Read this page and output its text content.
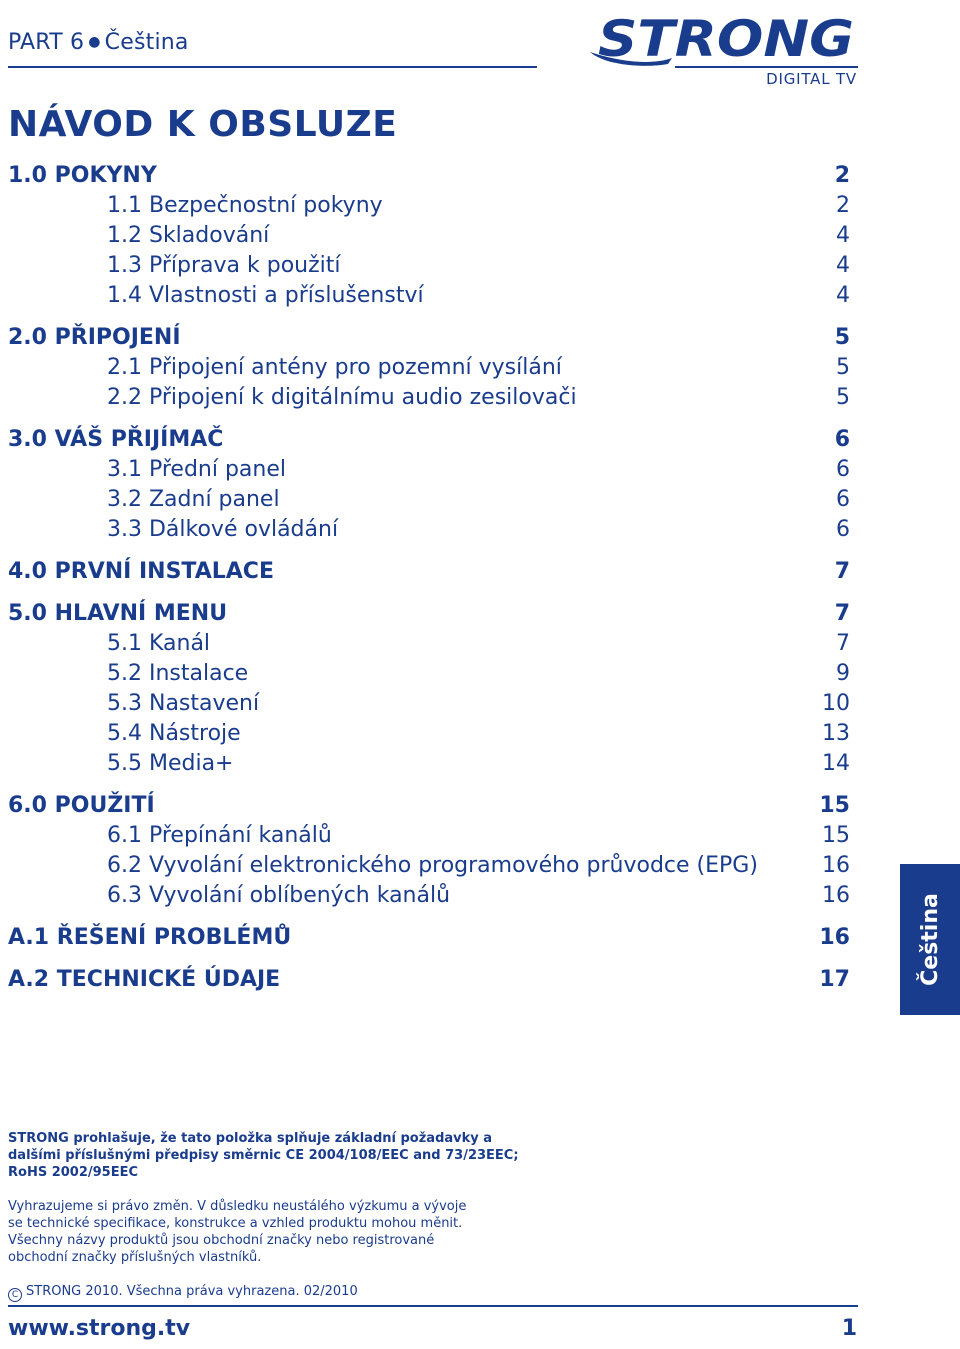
PART 6 ● Čeština	STRONG
DIGITAL TV
NÁVOD K OBSLUZE
1.0 POKYNY	2
1.1 Bezpečnostní pokyny	2
1.2 Skladování	4
1.3 Příprava k použití	4
1.4 Vlastnosti a příslušenství	4
2.0 PŘIPOJENÍ	5
2.1 Připojení antény pro pozemní vysílání	5
2.2 Připojení k digitálnímu audio zesilovači	5
3.0 VÁŠ PŘIJÍMAČ	6
3.1 Přední panel	6
3.2 Zadní panel	6
3.3 Dálkové ovládání	6
4.0 PRVNÍ INSTALACE	7
5.0 HLAVNÍ MENU	7
5.1 Kanál	7
5.2 Instalace	9
5.3 Nastavení	10
5.4 Nástroje	13
5.5 Media+	14
6.0 POUŽITÍ	15
6.1 Přepínání kanálů	15
6.2 Vyvolání elektronického programového průvodce (EPG)	16
6.3 Vyvolání oblíbených kanálů	16
A.1 ŘEŠENÍ PROBLÉMŮ	16
A.2 TECHNICKÉ ÚDAJE	17	Čeština
STRONG prohlašuje, že tato položka splňuje základní požadavky a
dalšími příslušnými předpisy směrnic CE 2004/108/EEC and 73/23EEC;
RoHS 2002/95EEC
Vyhrazujeme si právo změn. V důsledku neustálého výzkumu a vývoje
se technické specifikace, konstrukce a vzhled produktu mohou měnit.
Všechny názvy produktů jsou obchodní značky nebo registrované
obchodní značky příslušných vlastníků.
C STRONG 2010. Všechna práva vyhrazena. 02/2010
www.strong.tv	1
